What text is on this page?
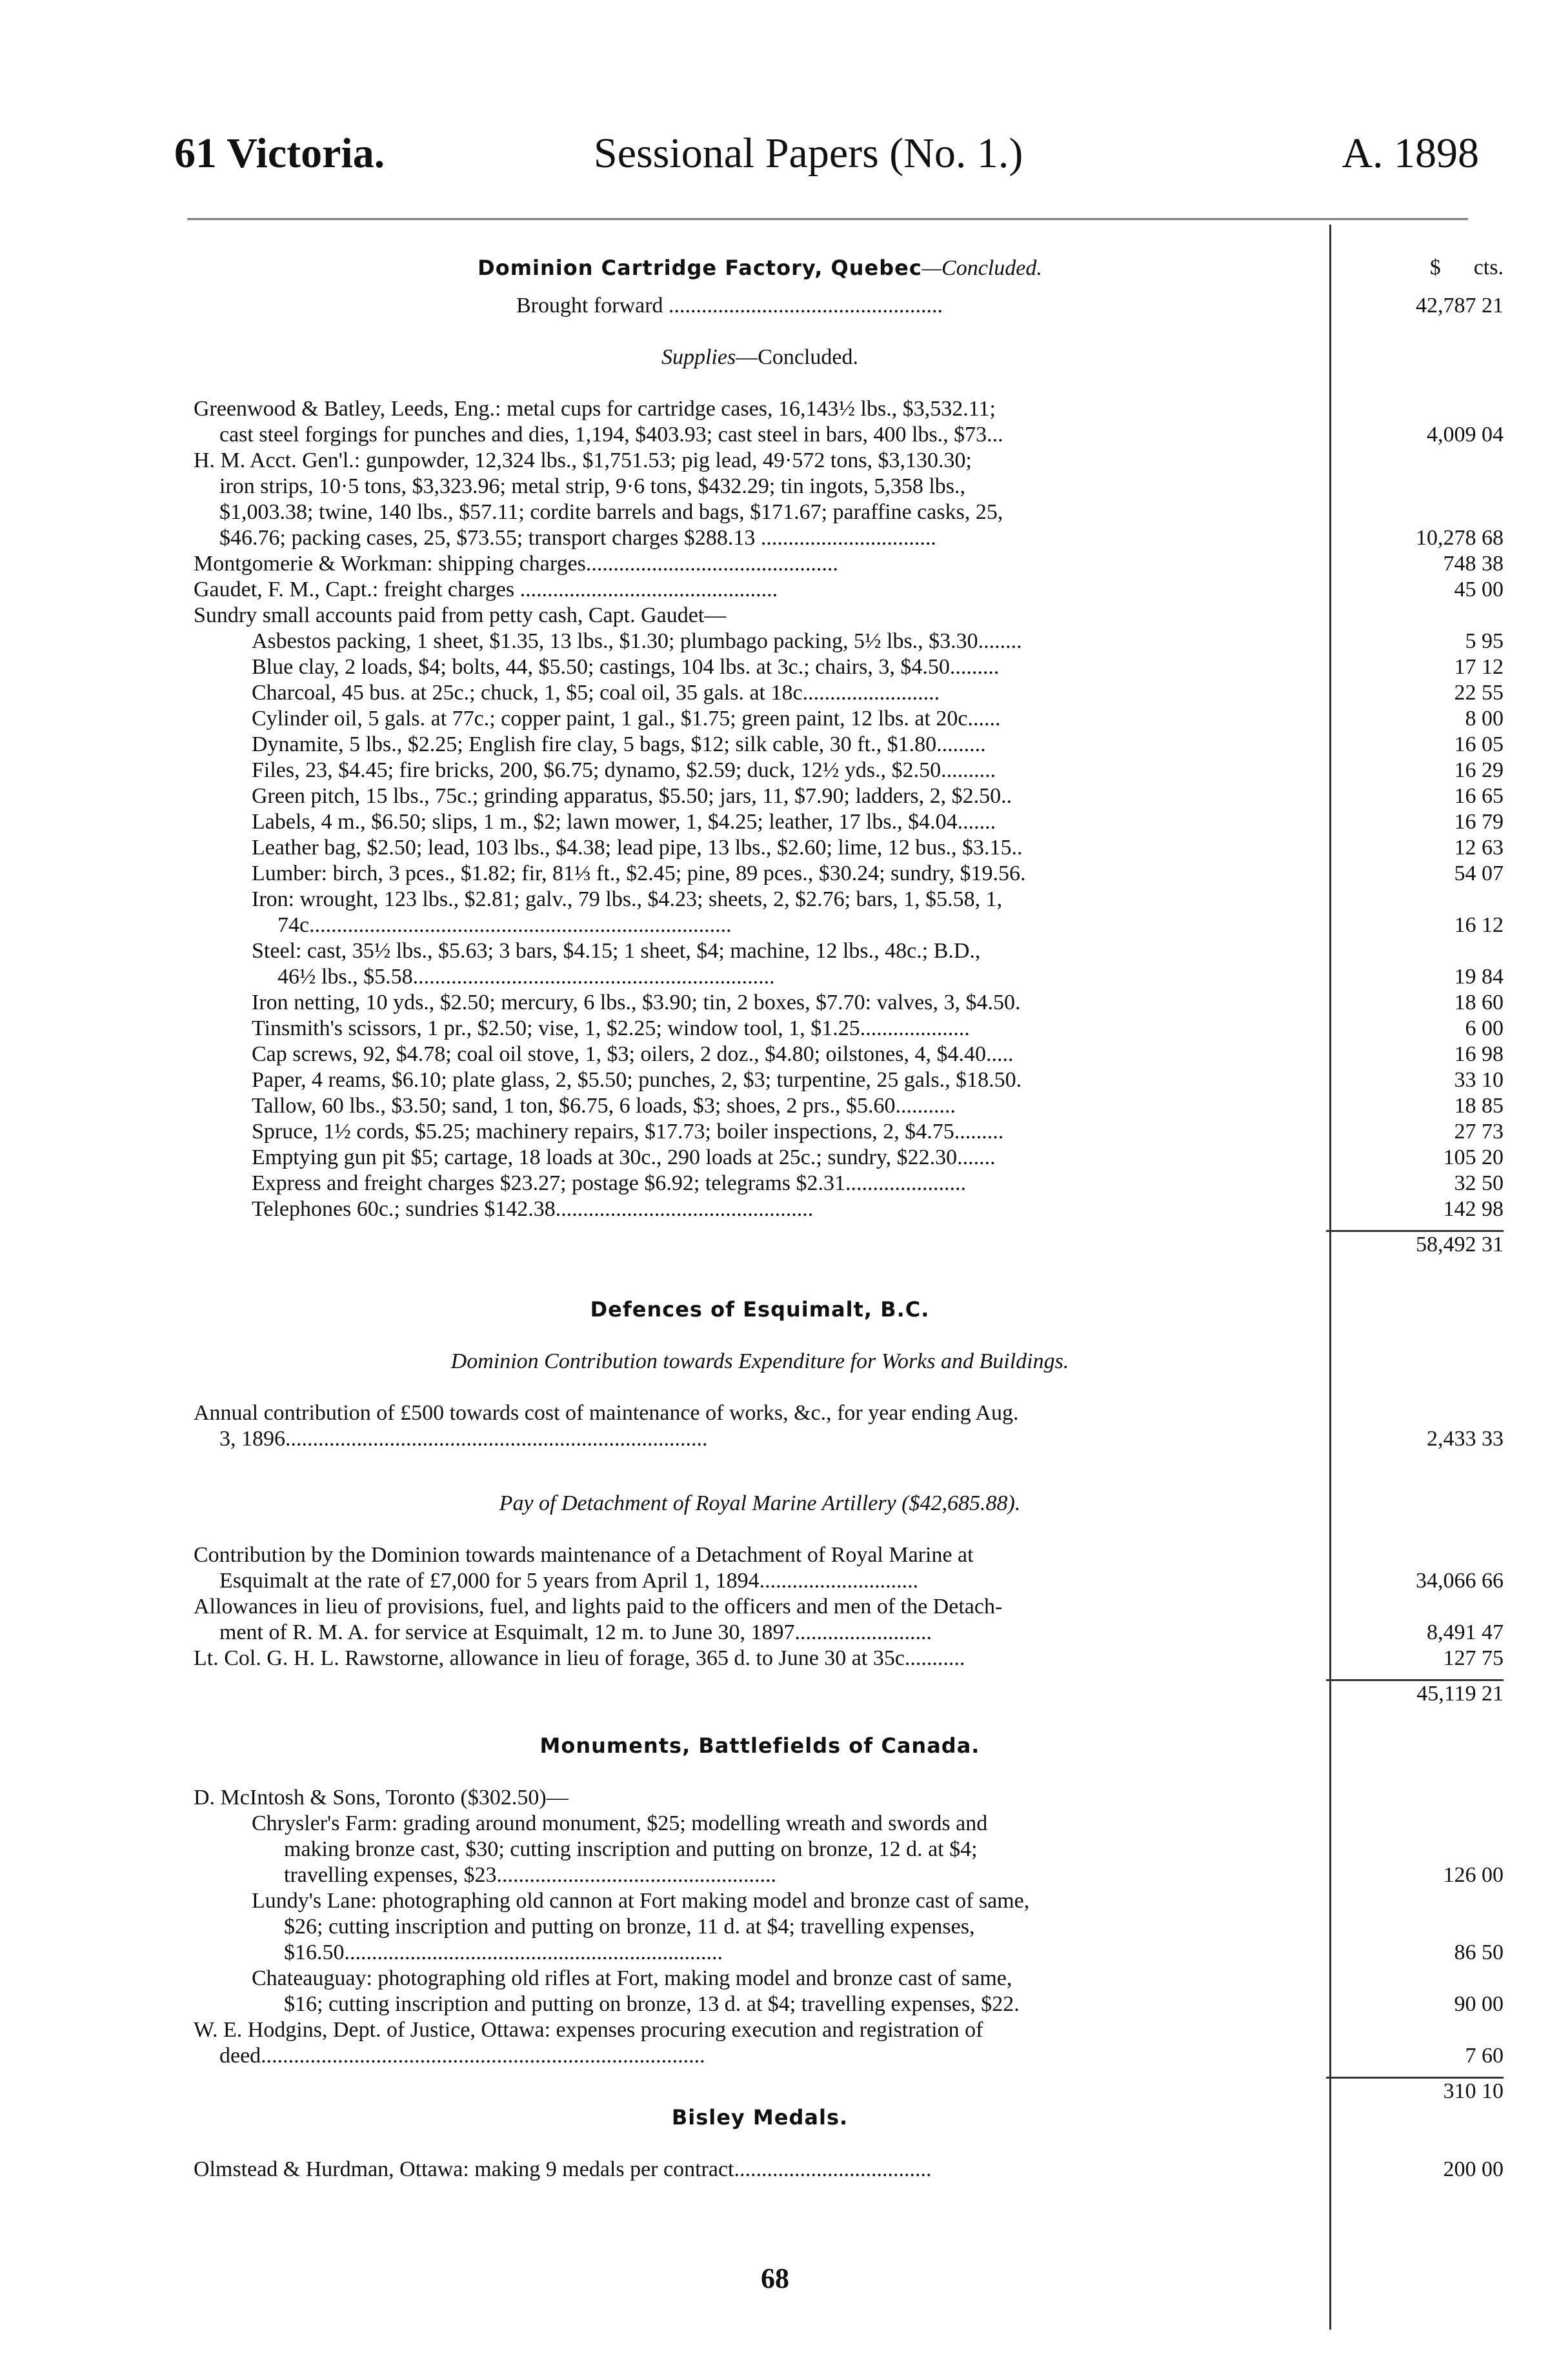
61 Victoria.	Sessional Papers (No. 1.)	A. 1898
Dominion Cartridge Factory, Quebec—Concluded.	$      cts.
Brought forward ..................................................	42,787 21
Supplies—Concluded.
Greenwood & Batley, Leeds, Eng.: metal cups for cartridge cases, 16,143½ lbs., $3,532.11;
cast steel forgings for punches and dies, 1,194, $403.93; cast steel in bars, 400 lbs., $73...	4,009 04
H. M. Acct. Gen'l.: gunpowder, 12,324 lbs., $1,751.53; pig lead, 49·572 tons, $3,130.30;
iron strips, 10·5 tons, $3,323.96; metal strip, 9·6 tons, $432.29; tin ingots, 5,358 lbs.,
$1,003.38; twine, 140 lbs., $57.11; cordite barrels and bags, $171.67; paraffine casks, 25,
$46.76; packing cases, 25, $73.55; transport charges $288.13 ................................	10,278 68
Montgomerie & Workman: shipping charges..............................................	748 38
Gaudet, F. M., Capt.: freight charges ...............................................	45 00
Sundry small accounts paid from petty cash, Capt. Gaudet—
Asbestos packing, 1 sheet, $1.35, 13 lbs., $1.30; plumbago packing, 5½ lbs., $3.30........	5 95
Blue clay, 2 loads, $4; bolts, 44, $5.50; castings, 104 lbs. at 3c.; chairs, 3, $4.50.........	17 12
Charcoal, 45 bus. at 25c.; chuck, 1, $5; coal oil, 35 gals. at 18c.........................	22 55
Cylinder oil, 5 gals. at 77c.; copper paint, 1 gal., $1.75; green paint, 12 lbs. at 20c......	8 00
Dynamite, 5 lbs., $2.25; English fire clay, 5 bags, $12; silk cable, 30 ft., $1.80.........	16 05
Files, 23, $4.45; fire bricks, 200, $6.75; dynamo, $2.59; duck, 12½ yds., $2.50..........	16 29
Green pitch, 15 lbs., 75c.; grinding apparatus, $5.50; jars, 11, $7.90; ladders, 2, $2.50..	16 65
Labels, 4 m., $6.50; slips, 1 m., $2; lawn mower, 1, $4.25; leather, 17 lbs., $4.04.......	16 79
Leather bag, $2.50; lead, 103 lbs., $4.38; lead pipe, 13 lbs., $2.60; lime, 12 bus., $3.15..	12 63
Lumber: birch, 3 pces., $1.82; fir, 81⅓ ft., $2.45; pine, 89 pces., $30.24; sundry, $19.56.	54 07
Iron: wrought, 123 lbs., $2.81; galv., 79 lbs., $4.23; sheets, 2, $2.76; bars, 1, $5.58, 1,
74c.............................................................................	16 12
Steel: cast, 35½ lbs., $5.63; 3 bars, $4.15; 1 sheet, $4; machine, 12 lbs., 48c.; B.D.,
46½ lbs., $5.58..................................................................	19 84
Iron netting, 10 yds., $2.50; mercury, 6 lbs., $3.90; tin, 2 boxes, $7.70: valves, 3, $4.50.	18 60
Tinsmith's scissors, 1 pr., $2.50; vise, 1, $2.25; window tool, 1, $1.25....................	6 00
Cap screws, 92, $4.78; coal oil stove, 1, $3; oilers, 2 doz., $4.80; oilstones, 4, $4.40.....	16 98
Paper, 4 reams, $6.10; plate glass, 2, $5.50; punches, 2, $3; turpentine, 25 gals., $18.50.	33 10
Tallow, 60 lbs., $3.50; sand, 1 ton, $6.75, 6 loads, $3; shoes, 2 prs., $5.60...........	18 85
Spruce, 1½ cords, $5.25; machinery repairs, $17.73; boiler inspections, 2, $4.75.........	27 73
Emptying gun pit $5; cartage, 18 loads at 30c., 290 loads at 25c.; sundry, $22.30.......	105 20
Express and freight charges $23.27; postage $6.92; telegrams $2.31......................	32 50
Telephones 60c.; sundries $142.38...............................................	142 98
58,492 31
Defences of Esquimalt, B.C.
Dominion Contribution towards Expenditure for Works and Buildings.
Annual contribution of £500 towards cost of maintenance of works, &c., for year ending Aug.
3, 1896.............................................................................	2,433 33
Pay of Detachment of Royal Marine Artillery ($42,685.88).
Contribution by the Dominion towards maintenance of a Detachment of Royal Marine at
Esquimalt at the rate of £7,000 for 5 years from April 1, 1894.............................	34,066 66
Allowances in lieu of provisions, fuel, and lights paid to the officers and men of the Detach-
ment of R. M. A. for service at Esquimalt, 12 m. to June 30, 1897.........................	8,491 47
Lt. Col. G. H. L. Rawstorne, allowance in lieu of forage, 365 d. to June 30 at 35c...........	127 75
45,119 21
Monuments, Battlefields of Canada.
D. McIntosh & Sons, Toronto ($302.50)—
Chrysler's Farm: grading around monument, $25; modelling wreath and swords and
making bronze cast, $30; cutting inscription and putting on bronze, 12 d. at $4;
travelling expenses, $23...................................................	126 00
Lundy's Lane: photographing old cannon at Fort making model and bronze cast of same,
$26; cutting inscription and putting on bronze, 11 d. at $4; travelling expenses,
$16.50.....................................................................	86 50
Chateauguay: photographing old rifles at Fort, making model and bronze cast of same,
$16; cutting inscription and putting on bronze, 13 d. at $4; travelling expenses, $22.	90 00
W. E. Hodgins, Dept. of Justice, Ottawa: expenses procuring execution and registration of
deed.................................................................................	7 60
310 10
Bisley Medals.
Olmstead & Hurdman, Ottawa: making 9 medals per contract....................................	200 00
68
